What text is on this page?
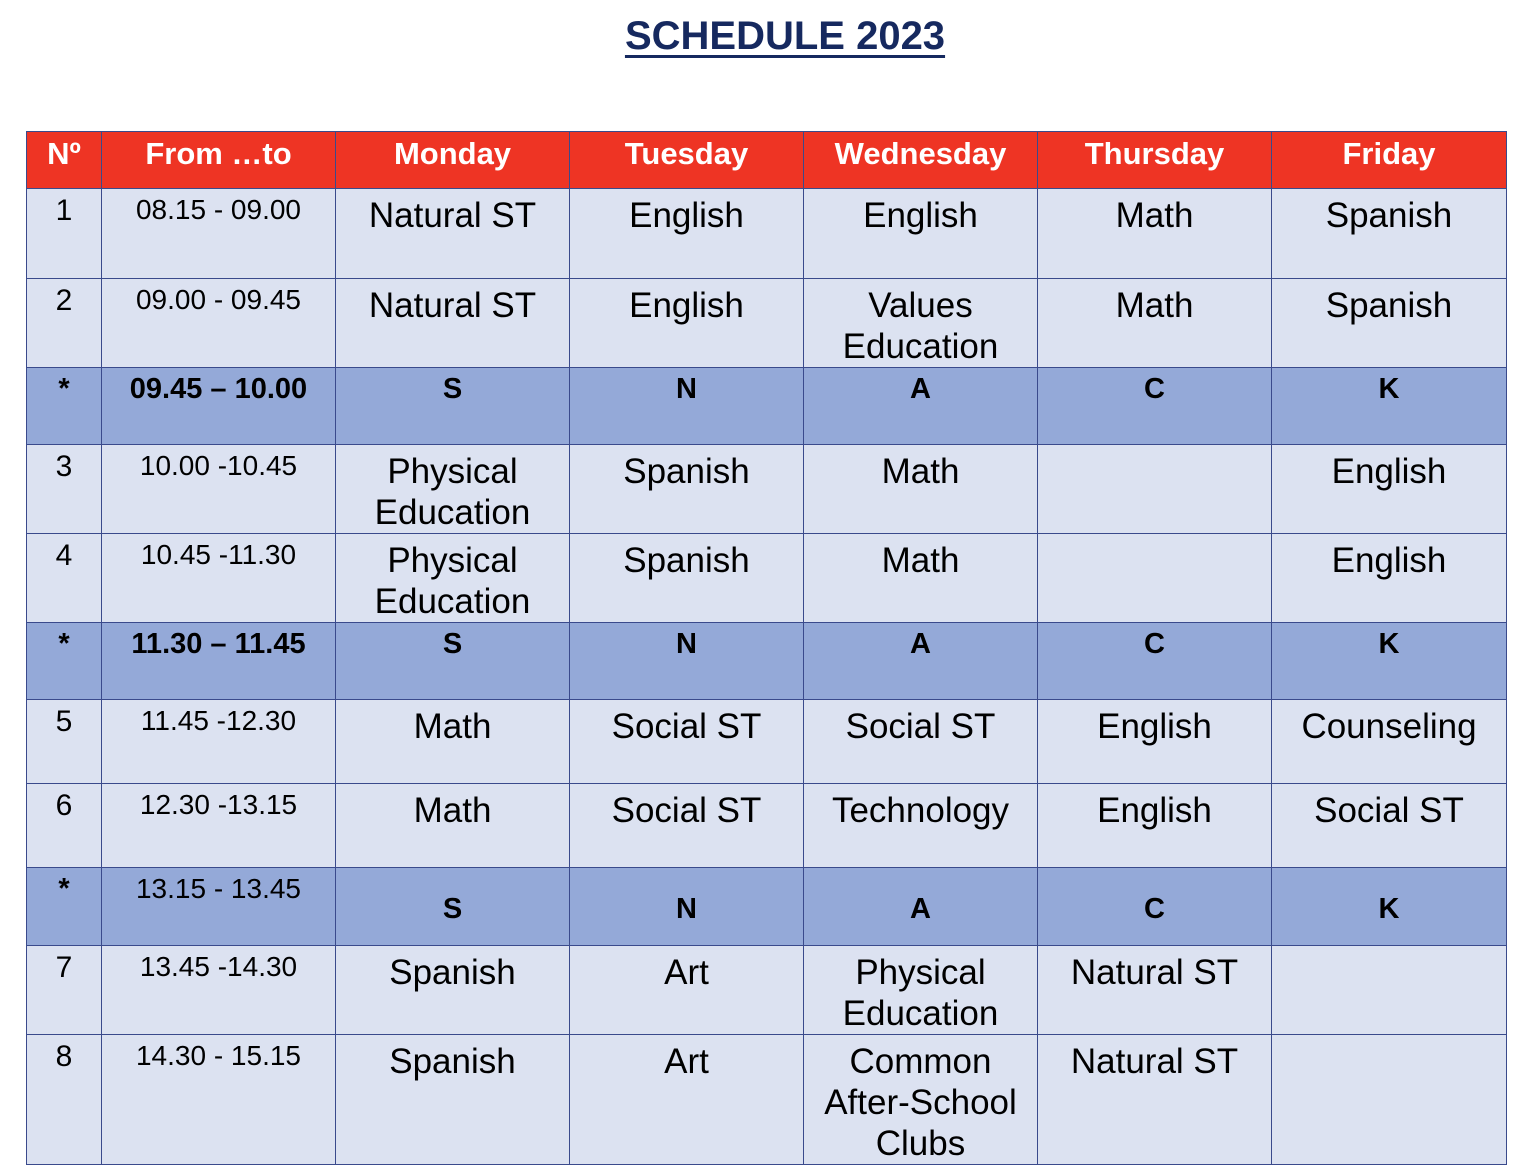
SCHEDULE 2023
Nº	From …to	Monday	Tuesday	Wednesday	Thursday	Friday
1	08.15 - 09.00	Natural ST	English	English	Math	Spanish
2	09.00 - 09.45	Natural ST	English	Values Education	Math	Spanish
*	09.45 – 10.00	S	N	A	C	K
3	10.00 -10.45	Physical Education	Spanish	Math		English
4	10.45 -11.30	Physical Education	Spanish	Math		English
*	11.30 – 11.45	S	N	A	C	K
5	11.45 -12.30	Math	Social ST	Social ST	English	Counseling
6	12.30 -13.15	Math	Social ST	Technology	English	Social ST
*	13.15 - 13.45	S	N	A	C	K
7	13.45 -14.30	Spanish	Art	Physical Education	Natural ST	
8	14.30 - 15.15	Spanish	Art	Common After-School Clubs	Natural ST	
